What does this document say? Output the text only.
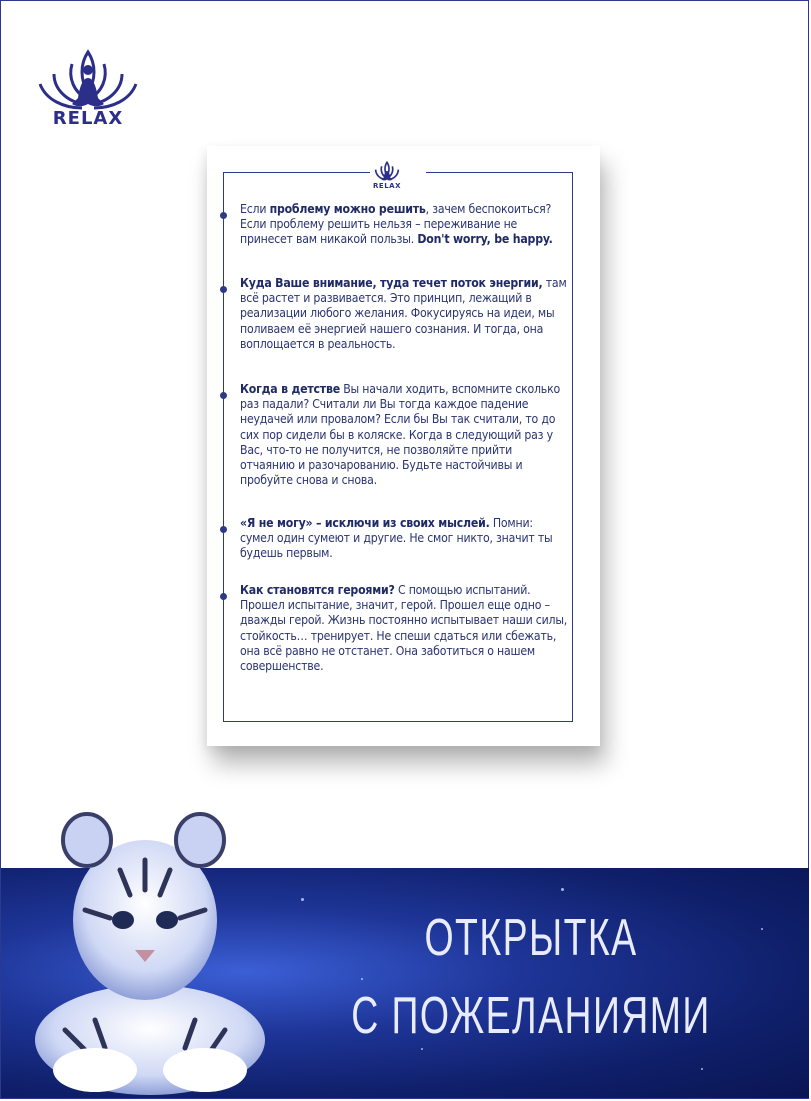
RELAX
RELAX
Если проблему можно решить, зачем беспокоиться? Если проблему решить нельзя – переживание не принесет вам никакой пользы. Don't worry, be happy.
Куда Ваше внимание, туда течет поток энергии, там всё растет и развивается. Это принцип, лежащий в реализации любого желания. Фокусируясь на идеи, мы поливаем её энергией нашего сознания. И тогда, она воплощается в реальность.
Когда в детстве Вы начали ходить, вспомните сколько раз падали? Считали ли Вы тогда каждое падение неудачей или провалом? Если бы Вы так считали, то до сих пор сидели бы в коляске. Когда в следующий раз у Вас, что-то не получится, не позволяйте прийти отчаянию и разочарованию. Будьте настойчивы и пробуйте снова и снова.
«Я не могу» – исключи из своих мыслей. Помни: сумел один сумеют и другие. Не смог никто, значит ты будешь первым.
Как становятся героями? С помощью испытаний. Прошел испытание, значит, герой. Прошел еще одно – дважды герой. Жизнь постоянно испытывает наши силы, стойкость… тренирует. Не спеши сдаться или сбежать, она всё равно не отстанет. Она заботиться о нашем совершенстве.
ОТКРЫТКА
С ПОЖЕЛАНИЯМИ
